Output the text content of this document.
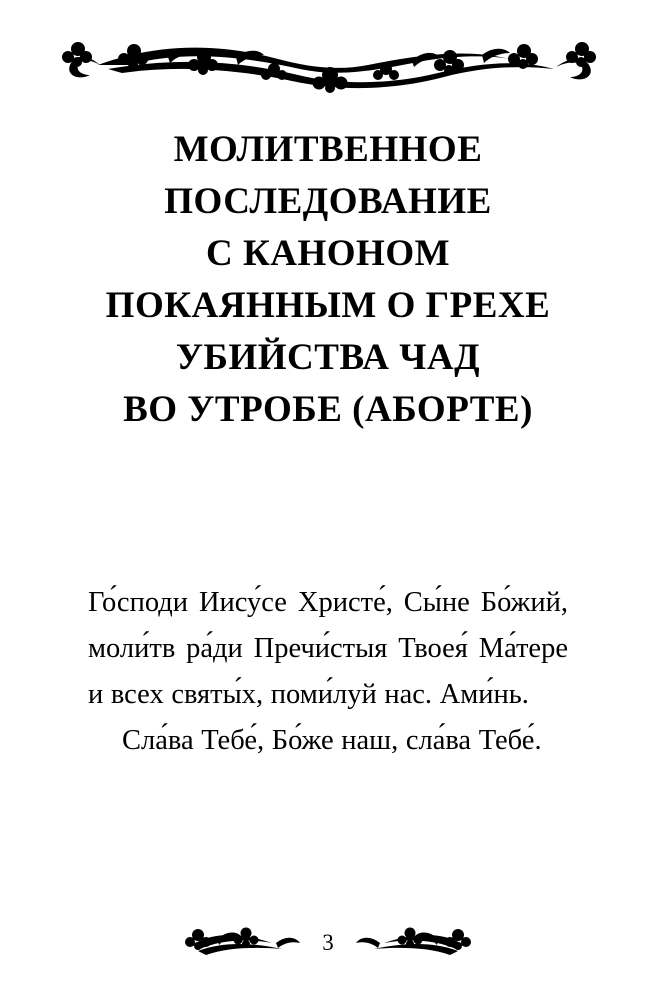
МОЛИТВЕННОЕ
ПОСЛЕДОВАНИЕ
С КАНОНОМ
ПОКАЯННЫМ О ГРЕХЕ
УБИЙСТВА ЧАД
ВО УТРОБЕ (АБОРТЕ)

Го́споди Иису́се Христе́, Сы́не Бо́жий, моли́тв ра́ди Пречи́стыя Твоея́ Ма́тере и всех святы́х, поми́луй нас. Ами́нь.

Сла́ва Тебе́, Бо́же наш, сла́ва Тебе́.

3
